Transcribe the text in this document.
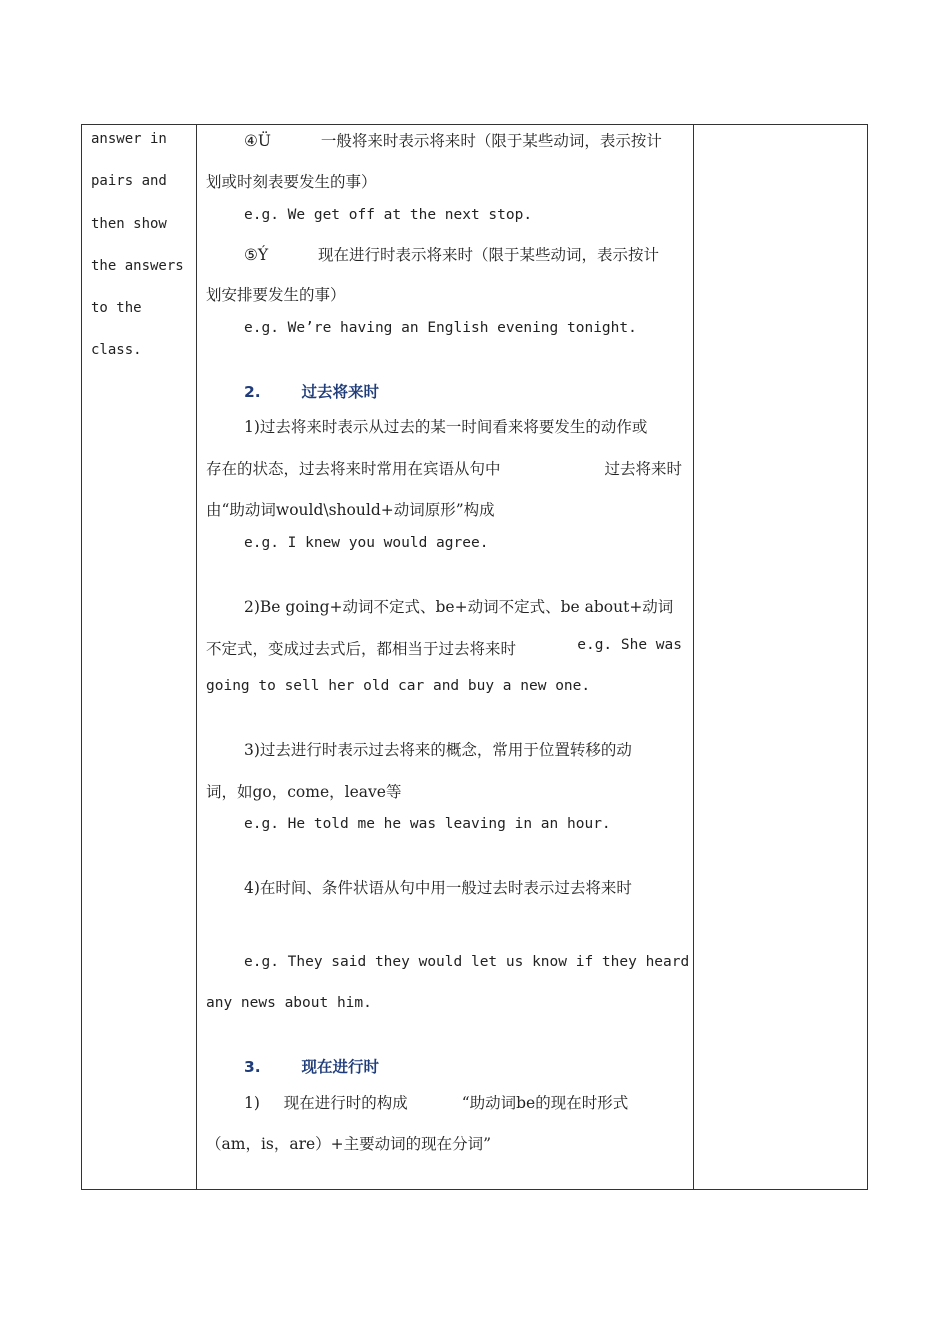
answer in
pairs and
then show
the answers
to the
class.
④Ü	一般将来时表示将来时（限于某些动词，表示按计
划或时刻表要发生的事）
e.g. We get off at the next stop.
⑤Ý	现在进行时表示将来时（限于某些动词，表示按计
划安排要发生的事）
e.g. We’re having an English evening tonight.
2.	过去将来时
1)过去将来时表示从过去的某一时间看来将要发生的动作或
存在的状态，过去将来时常用在宾语从句中	过去将来时
由“助动词would\should+动词原形”构成
e.g. I knew you would agree.
2)Be going+动词不定式、be+动词不定式、be about+动词
不定式，变成过去式后，都相当于过去将来时	e.g. She was
going to sell her old car and buy a new one.
3)过去进行时表示过去将来的概念，常用于位置转移的动
词，如go，come，leave等
e.g. He told me he was leaving in an hour.
4)在时间、条件状语从句中用一般过去时表示过去将来时
e.g. They said they would let us know if they heard
any news about him.
3.	现在进行时
1) 现在进行时的构成	“助动词be的现在时形式
（am，is，are）+主要动词的现在分词”
